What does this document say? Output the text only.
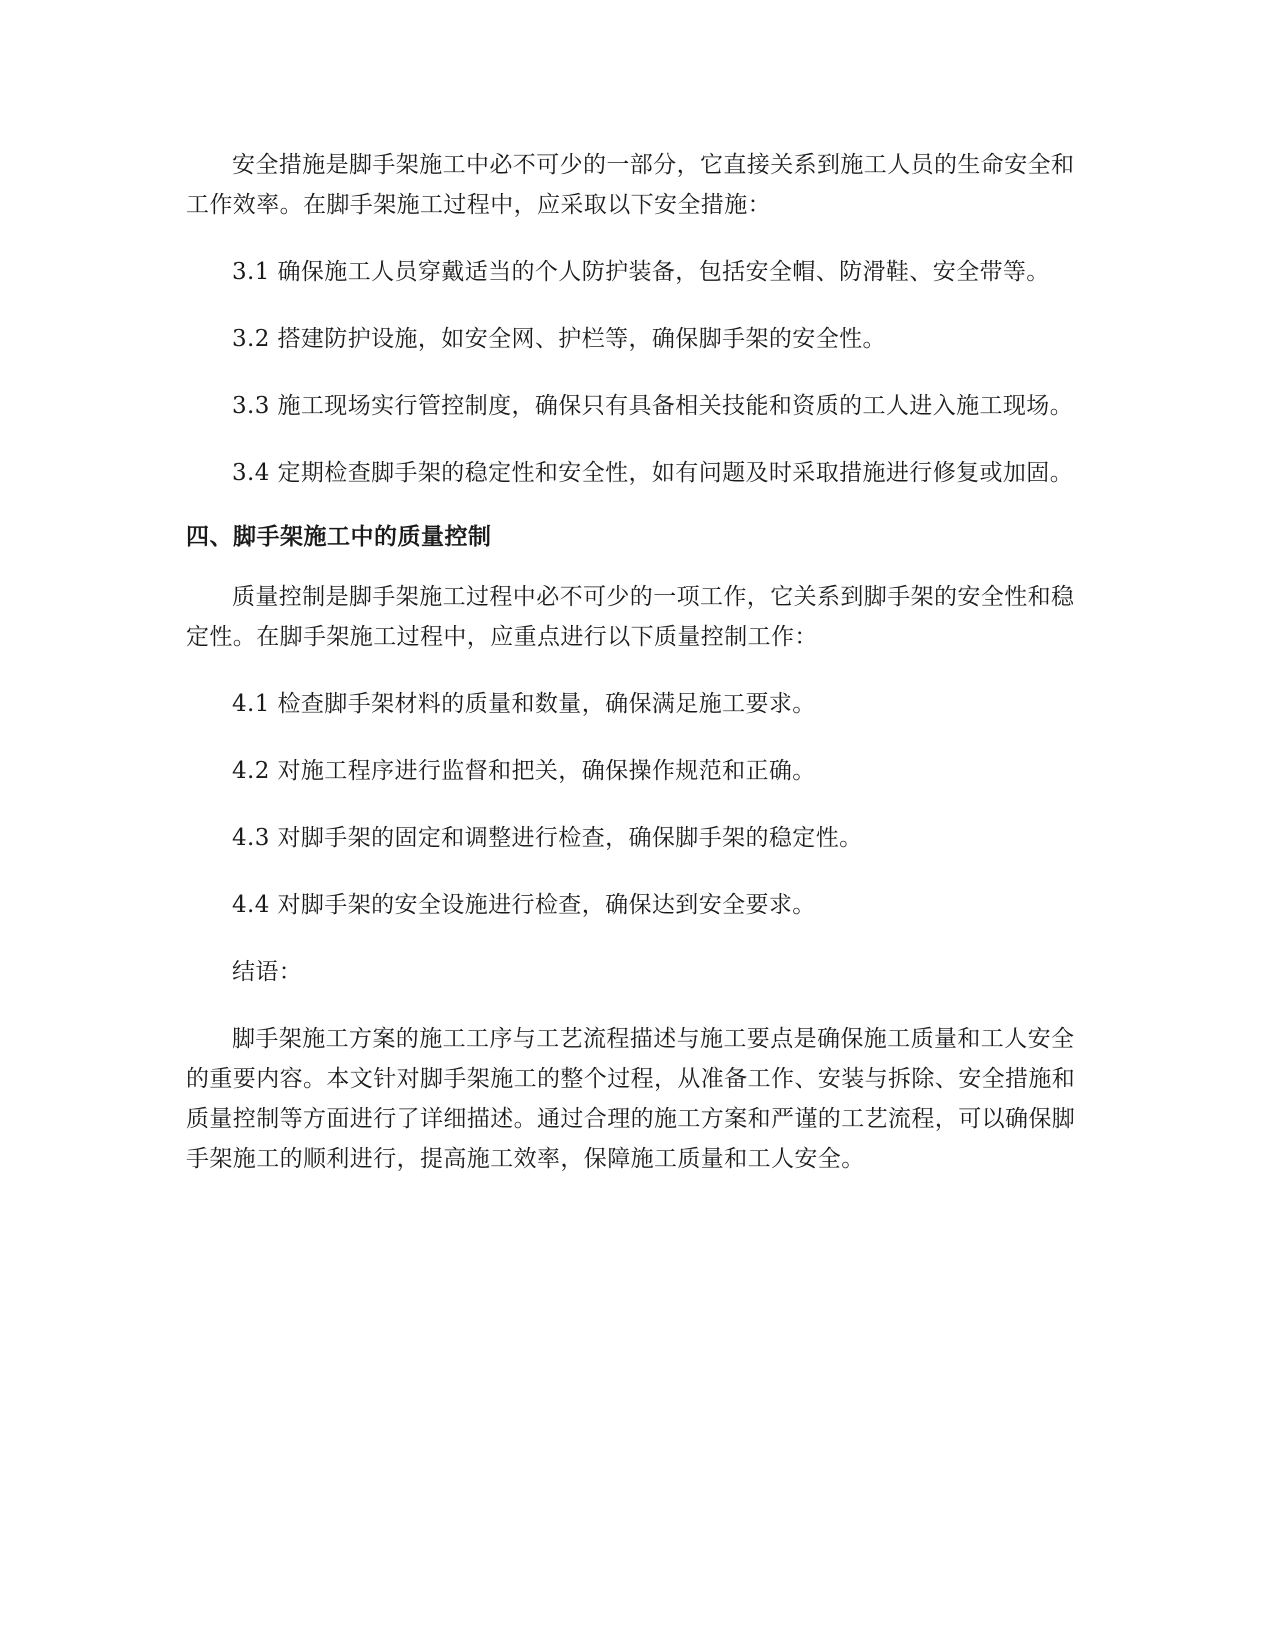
安全措施是脚手架施工中必不可少的一部分，它直接关系到施工人员的生命安全和工作效率。在脚手架施工过程中，应采取以下安全措施：

3.1 确保施工人员穿戴适当的个人防护装备，包括安全帽、防滑鞋、安全带等。

3.2 搭建防护设施，如安全网、护栏等，确保脚手架的安全性。

3.3 施工现场实行管控制度，确保只有具备相关技能和资质的工人进入施工现场。

3.4 定期检查脚手架的稳定性和安全性，如有问题及时采取措施进行修复或加固。

四、脚手架施工中的质量控制

质量控制是脚手架施工过程中必不可少的一项工作，它关系到脚手架的安全性和稳定性。在脚手架施工过程中，应重点进行以下质量控制工作：

4.1 检查脚手架材料的质量和数量，确保满足施工要求。

4.2 对施工程序进行监督和把关，确保操作规范和正确。

4.3 对脚手架的固定和调整进行检查，确保脚手架的稳定性。

4.4 对脚手架的安全设施进行检查，确保达到安全要求。

结语：

脚手架施工方案的施工工序与工艺流程描述与施工要点是确保施工质量和工人安全的重要内容。本文针对脚手架施工的整个过程，从准备工作、安装与拆除、安全措施和质量控制等方面进行了详细描述。通过合理的施工方案和严谨的工艺流程，可以确保脚手架施工的顺利进行，提高施工效率，保障施工质量和工人安全。
